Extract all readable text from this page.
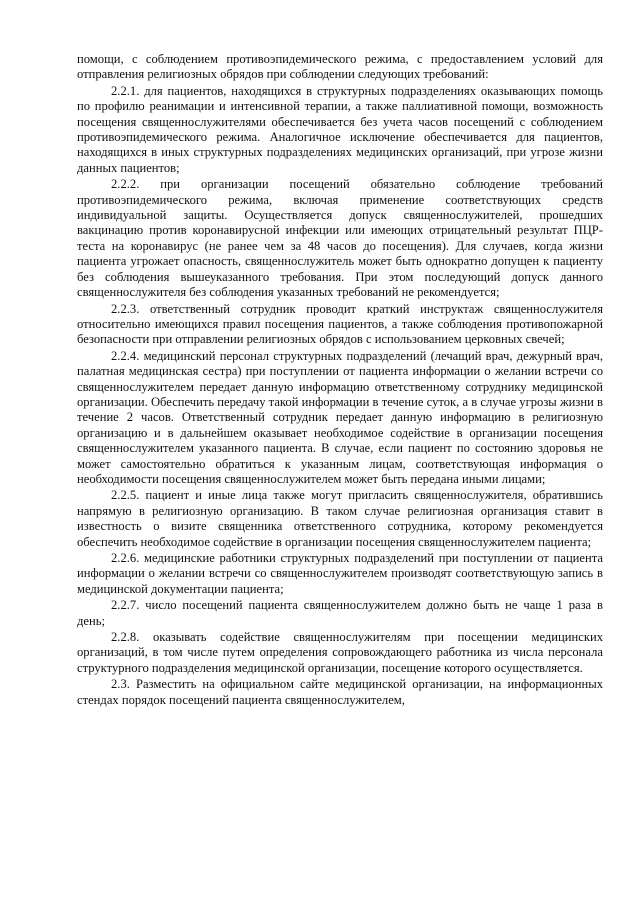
помощи, с соблюдением противоэпидемического режима, с предоставлением условий для отправления религиозных обрядов при соблюдении следующих требований:

2.2.1. для пациентов, находящихся в структурных подразделениях оказывающих помощь по профилю реанимации и интенсивной терапии, а также паллиативной помощи, возможность посещения священнослужителями обеспечивается без учета часов посещений с соблюдением противоэпидемического режима. Аналогичное исключение обеспечивается для пациентов, находящихся в иных структурных подразделениях медицинских организаций, при угрозе жизни данных пациентов;

2.2.2. при организации посещений обязательно соблюдение требований противоэпидемического режима, включая применение соответствующих средств индивидуальной защиты. Осуществляется допуск священнослужителей, прошедших вакцинацию против коронавирусной инфекции или имеющих отрицательный результат ПЦР-теста на коронавирус (не ранее чем за 48 часов до посещения). Для случаев, когда жизни пациента угрожает опасность, священнослужитель может быть однократно допущен к пациенту без соблюдения вышеуказанного требования. При этом последующий допуск данного священнослужителя без соблюдения указанных требований не рекомендуется;

2.2.3. ответственный сотрудник проводит краткий инструктаж священнослужителя относительно имеющихся правил посещения пациентов, а также соблюдения противопожарной безопасности при отправлении религиозных обрядов с использованием церковных свечей;

2.2.4. медицинский персонал структурных подразделений (лечащий врач, дежурный врач, палатная медицинская сестра) при поступлении от пациента информации о желании встречи со священнослужителем передает данную информацию ответственному сотруднику медицинской организации. Обеспечить передачу такой информации в течение суток, а в случае угрозы жизни в течение 2 часов. Ответственный сотрудник передает данную информацию в религиозную организацию и в дальнейшем оказывает необходимое содействие в организации посещения священнослужителем указанного пациента. В случае, если пациент по состоянию здоровья не может самостоятельно обратиться к указанным лицам, соответствующая информация о необходимости посещения священнослужителем может быть передана иными лицами;

2.2.5. пациент и иные лица также могут пригласить священнослужителя, обратившись напрямую в религиозную организацию. В таком случае религиозная организация ставит в известность о визите священника ответственного сотрудника, которому рекомендуется обеспечить необходимое содействие в организации посещения священнослужителем пациента;

2.2.6. медицинские работники структурных подразделений при поступлении от пациента информации о желании встречи со священнослужителем производят соответствующую запись в медицинской документации пациента;

2.2.7. число посещений пациента священнослужителем должно быть не чаще 1 раза в день;

2.2.8. оказывать содействие священнослужителям при посещении медицинских организаций, в том числе путем определения сопровождающего работника из числа персонала структурного подразделения медицинской организации, посещение которого осуществляется.

2.3. Разместить на официальном сайте медицинской организации, на информационных стендах порядок посещений пациента священнослужителем,
